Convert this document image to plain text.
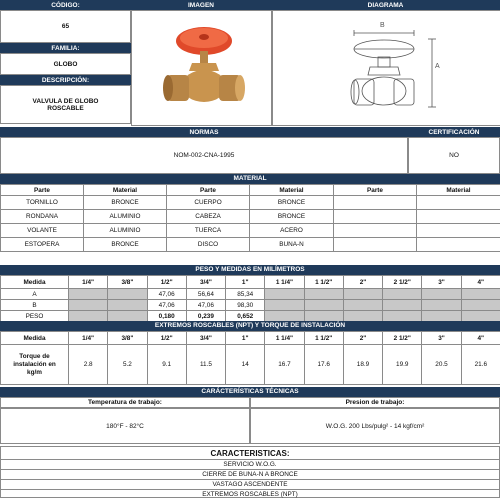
CÓDIGO:
65
FAMILIA:
GLOBO
DESCRIPCIÓN:
VALVULA DE GLOBO
ROSCABLE
IMAGEN	DIAGRAMA
B
A
NORMAS	CERTIFICACIÓN
NOM-002-CNA-1995	NO
MATERIAL
Parte	Material	Parte	Material	Parte	Material
TORNILLO	BRONCE	CUERPO	BRONCE		
RONDANA	ALUMINIO	CABEZA	BRONCE		
VOLANTE	ALUMINIO	TUERCA	ACERO		
ESTOPERA	BRONCE	DISCO	BUNA-N		
PESO Y MEDIDAS EN MILÍMETROS
Medida	1/4"	3/8"	1/2"	3/4"	1"	1 1/4"	1 1/2"	2"	2 1/2"	3"	4"
A			47,06	56,64	85,34						
B			47,06	47,06	98,30						
PESO			0,180	0,239	0,652						
EXTREMOS ROSCABLES (NPT) Y TORQUE DE INSTALACIÓN
Medida	1/4"	3/8"	1/2"	3/4"	1"	1 1/4"	1 1/2"	2"	2 1/2"	3"	4"

Torque de
instalación en
kg/m	2.8	5.2	9.1	11.5	14	16.7	17.6	18.9	19.9	20.5	21.6
CARÁCTERÍSTICAS TÉCNICAS
Temperatura de trabajo:	Presion de trabajo:
180°F - 82°C	W.O.G. 200 Lbs/pulg² - 14 kgf/cm²
CARACTERISTICAS:
SERVICIO W.O.G.
CIERRE DE BUNA-N A BRONCE
VASTAGO ASCENDENTE
EXTREMOS ROSCABLES (NPT)
